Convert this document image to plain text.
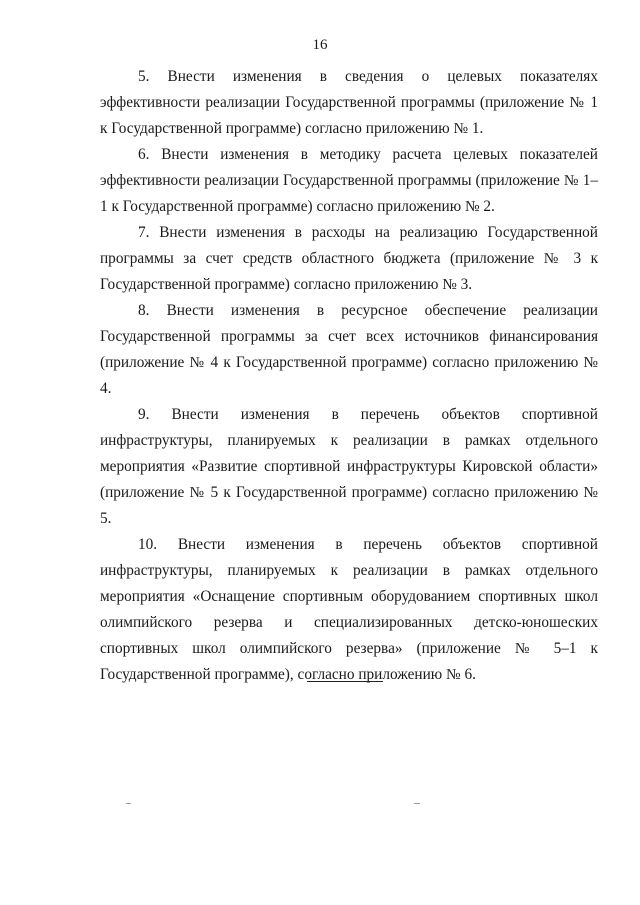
16

5. Внести изменения в сведения о целевых показателях эффективности реализации Государственной программы (приложение № 1 к Государственной программе) согласно приложению № 1.

6. Внести изменения в методику расчета целевых показателей эффективности реализации Государственной программы (приложение № 1–1 к Государственной программе) согласно приложению № 2.

7. Внести изменения в расходы на реализацию Государственной программы за счет средств областного бюджета (приложение № 3 к Государственной программе) согласно приложению № 3.

8. Внести изменения в ресурсное обеспечение реализации Государственной программы за счет всех источников финансирования (приложение № 4 к Государственной программе) согласно приложению № 4.

9. Внести изменения в перечень объектов спортивной инфраструктуры, планируемых к реализации в рамках отдельного мероприятия «Развитие спортивной инфраструктуры Кировской области» (приложение № 5 к Государственной программе) согласно приложению № 5.

10. Внести изменения в перечень объектов спортивной инфраструктуры, планируемых к реализации в рамках отдельного мероприятия «Оснащение спортивным оборудованием спортивных школ олимпийского резерва и специализированных детско-юношеских спортивных школ олимпийского резерва» (приложение № 5–1 к Государственной программе), согласно приложению № 6.
